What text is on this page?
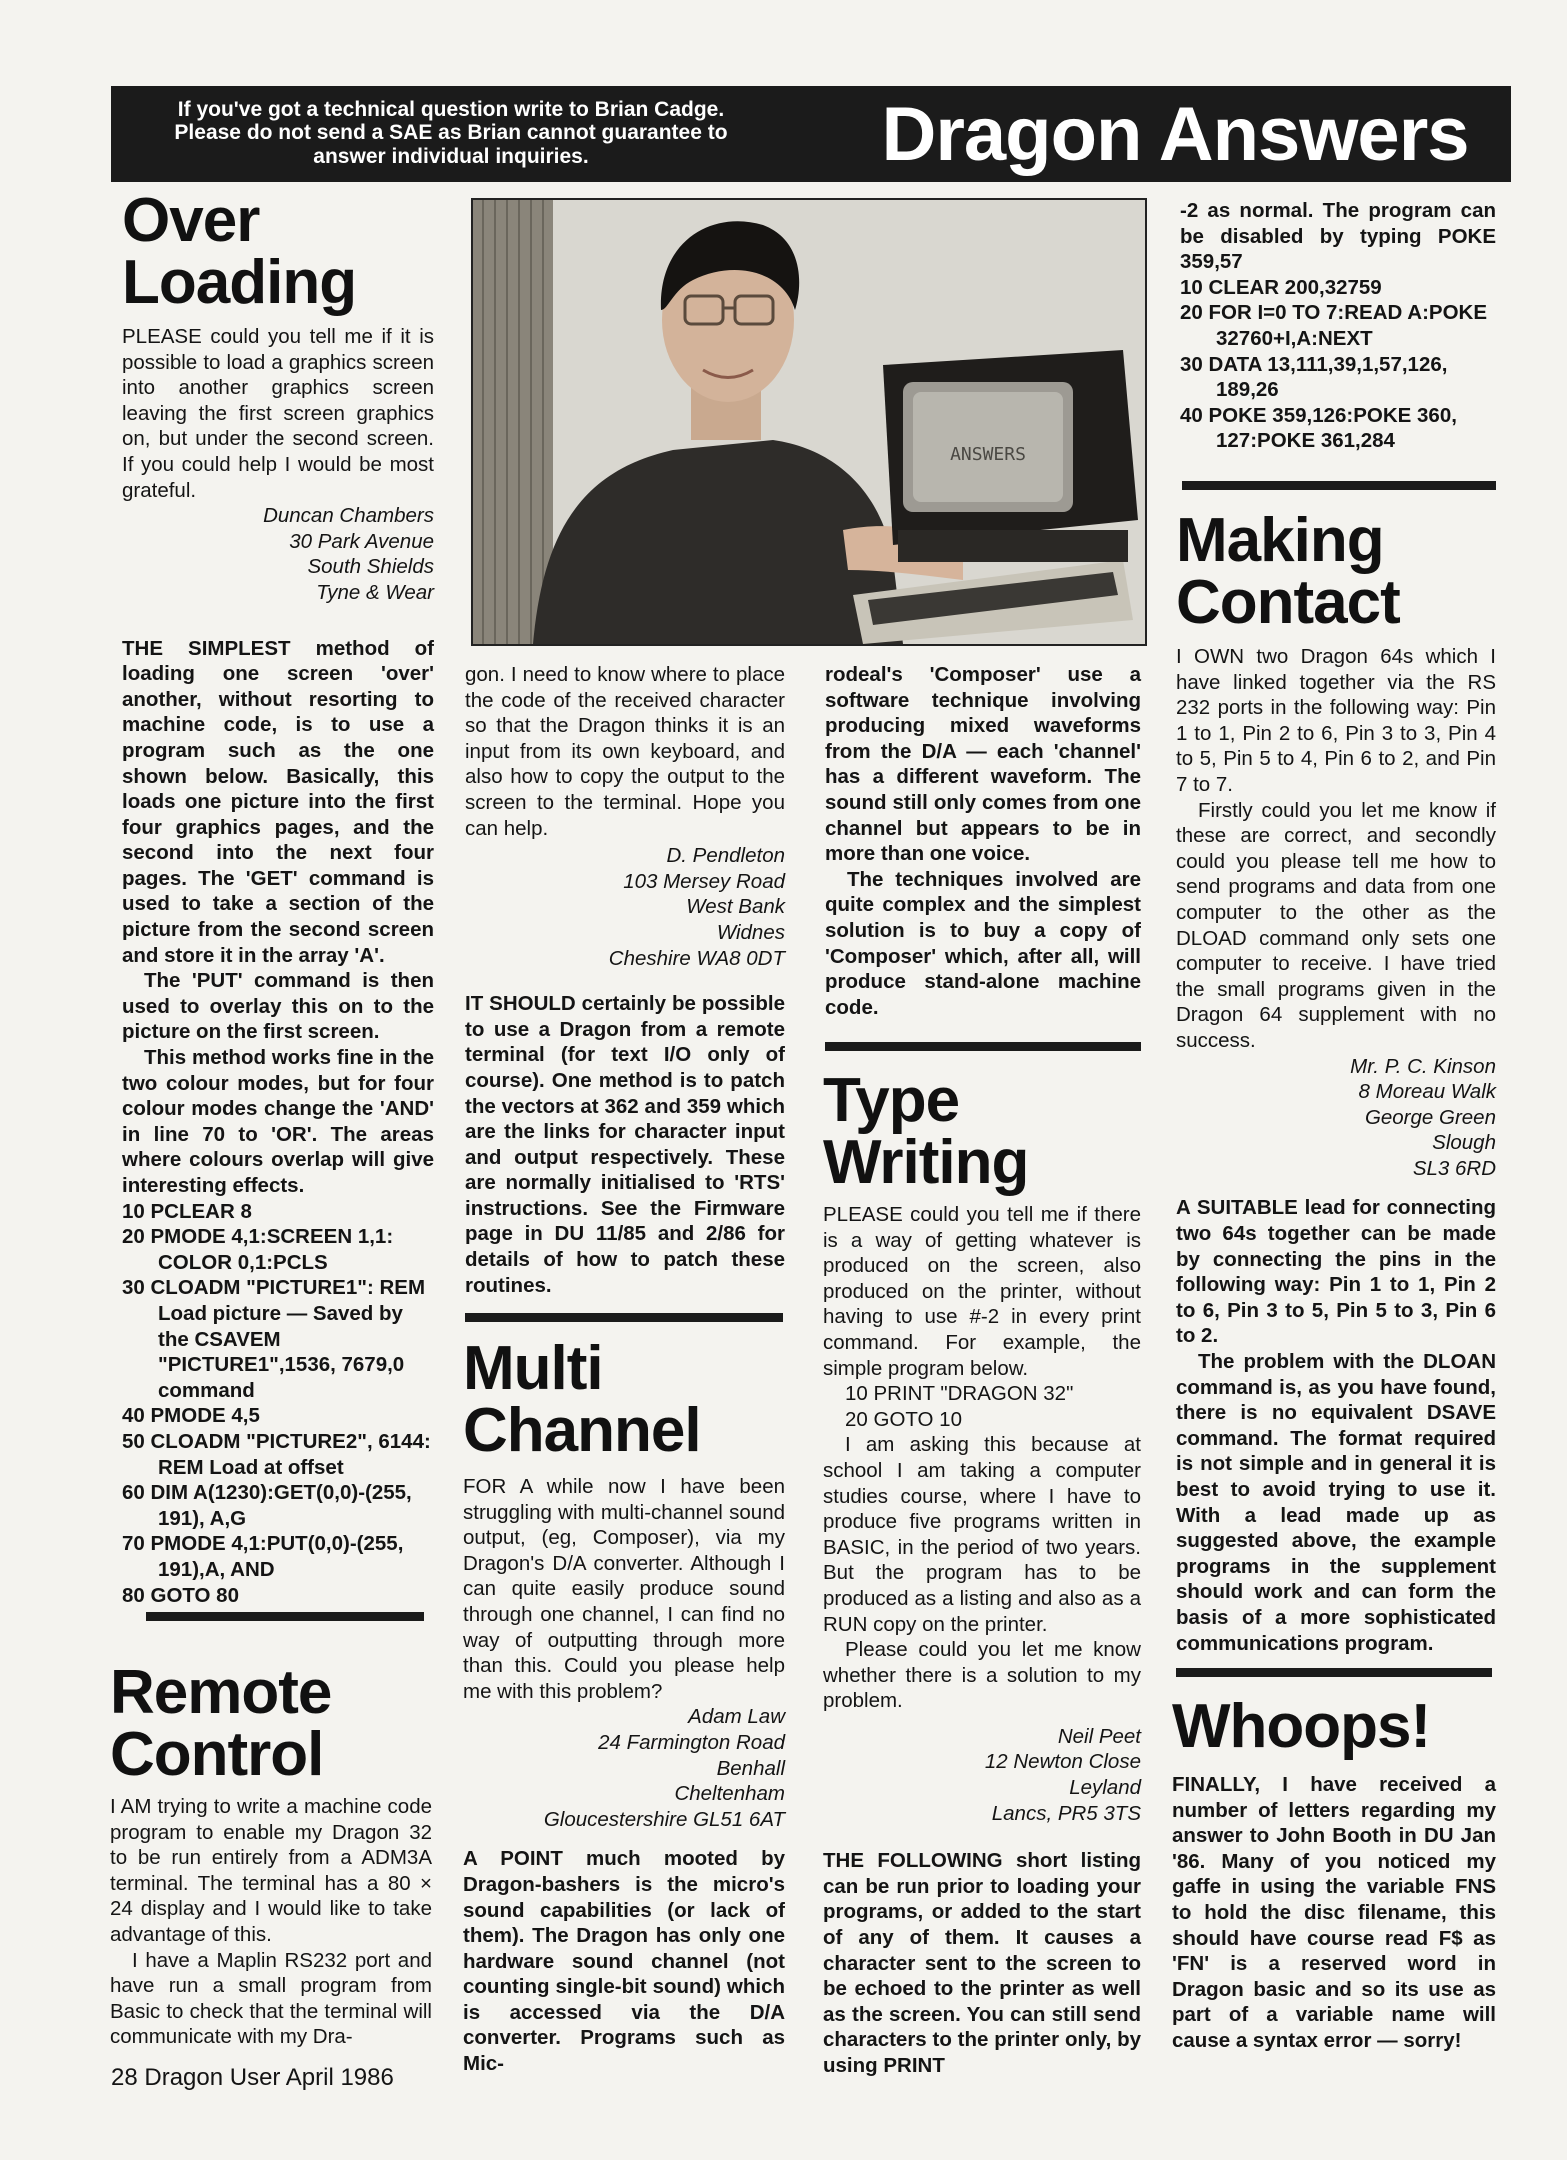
If you've got a technical question write to Brian Cadge.
Please do not send a SAE as Brian cannot guarantee to
answer individual inquiries.	Dragon Answers
Over
Loading

PLEASE could you tell me if it is possible to load a graphics screen into another graphics screen leaving the first screen graphics on, but under the second screen. If you could help I would be most grateful.

Duncan Chambers
30 Park Avenue
South Shields
Tyne & Wear

THE SIMPLEST method of loading one screen 'over' another, without resorting to machine code, is to use a program such as the one shown below. Basically, this loads one picture into the first four graphics pages, and the second into the next four pages. The 'GET' command is used to take a section of the picture from the second screen and store it in the array 'A'.

The 'PUT' command is then used to overlay this on to the picture on the first screen.

This method works fine in the two colour modes, but for four colour modes change the 'AND' in line 70 to 'OR'. The areas where colours overlap will give interesting effects.

10 PCLEAR 8
20 PMODE 4,1:SCREEN 1,1: COLOR 0,1:PCLS
30 CLOADM "PICTURE1": REM Load picture — Saved by the CSAVEM "PICTURE1",1536, 7679,0 command
40 PMODE 4,5
50 CLOADM "PICTURE2", 6144: REM Load at offset
60 DIM A(1230):GET(0,0)-(255, 191), A,G
70 PMODE 4,1:PUT(0,0)-(255, 191),A, AND
80 GOTO 80
Remote
Control

I AM trying to write a machine code program to enable my Dragon 32 to be run entirely from a ADM3A terminal. The terminal has a 80 × 24 display and I would like to take advantage of this.

I have a Maplin RS232 port and have run a small program from Basic to check that the terminal will communicate with my Dra-

ANSWERS

gon. I need to know where to place the code of the received character so that the Dragon thinks it is an input from its own keyboard, and also how to copy the output to the screen to the terminal. Hope you can help.

D. Pendleton
103 Mersey Road
West Bank
Widnes
Cheshire WA8 0DT

IT SHOULD certainly be possible to use a Dragon from a remote terminal (for text I/O only of course). One method is to patch the vectors at 362 and 359 which are the links for character input and output respectively. These are normally initialised to 'RTS' instructions. See the Firmware page in DU 11/85 and 2/86 for details of how to patch these routines.

Multi
Channel

FOR A while now I have been struggling with multi-channel sound output, (eg, Composer), via my Dragon's D/A converter. Although I can quite easily produce sound through one channel, I can find no way of outputting through more than this. Could you please help me with this problem?

Adam Law
24 Farmington Road
Benhall
Cheltenham
Gloucestershire GL51 6AT

A POINT much mooted by Dragon-bashers is the micro's sound capabilities (or lack of them). The Dragon has only one hardware sound channel (not counting single-bit sound) which is accessed via the D/A converter. Programs such as Mic-

rodeal's 'Composer' use a software technique involving producing mixed waveforms from the D/A — each 'channel' has a different waveform. The sound still only comes from one channel but appears to be in more than one voice.

The techniques involved are quite complex and the simplest solution is to buy a copy of 'Composer' which, after all, will produce stand-alone machine code.

Type
Writing

PLEASE could you tell me if there is a way of getting whatever is produced on the screen, also produced on the printer, without having to use #-2 in every print command. For example, the simple program below.

10 PRINT "DRAGON 32"
20 GOTO 10

I am asking this because at school I am taking a computer studies course, where I have to produce five programs written in BASIC, in the period of two years. But the program has to be produced as a listing and also as a RUN copy on the printer.

Please could you let me know whether there is a solution to my problem.

Neil Peet
12 Newton Close
Leyland
Lancs, PR5 3TS

THE FOLLOWING short listing can be run prior to loading your programs, or added to the start of any of them. It causes a character sent to the screen to be echoed to the printer as well as the screen. You can still send characters to the printer only, by using PRINT

-2 as normal. The program can be disabled by typing POKE 359,57

10 CLEAR 200,32759
20 FOR I=0 TO 7:READ A:POKE 32760+I,A:NEXT
30 DATA 13,111,39,1,57,126, 189,26
40 POKE 359,126:POKE 360, 127:POKE 361,284
Making
Contact

I OWN two Dragon 64s which I have linked together via the RS 232 ports in the following way: Pin 1 to 1, Pin 2 to 6, Pin 3 to 3, Pin 4 to 5, Pin 5 to 4, Pin 6 to 2, and Pin 7 to 7.

Firstly could you let me know if these are correct, and secondly could you please tell me how to send programs and data from one computer to the other as the DLOAD command only sets one computer to receive. I have tried the small programs given in the Dragon 64 supplement with no success.

Mr. P. C. Kinson
8 Moreau Walk
George Green
Slough
SL3 6RD

A SUITABLE lead for connecting two 64s together can be made by connecting the pins in the following way: Pin 1 to 1, Pin 2 to 6, Pin 3 to 5, Pin 5 to 3, Pin 6 to 2.

The problem with the DLOAN command is, as you have found, there is no equivalent DSAVE command. The format required is not simple and in general it is best to avoid trying to use it. With a lead made up as suggested above, the example programs in the supplement should work and can form the basis of a more sophisticated communications program.

Whoops!

FINALLY, I have received a number of letters regarding my answer to John Booth in DU Jan '86. Many of you noticed my gaffe in using the variable FNS to hold the disc filename, this should have course read F$ as 'FN' is a reserved word in Dragon basic and so its use as part of a variable name will cause a syntax error — sorry!

28 Dragon User April 1986
